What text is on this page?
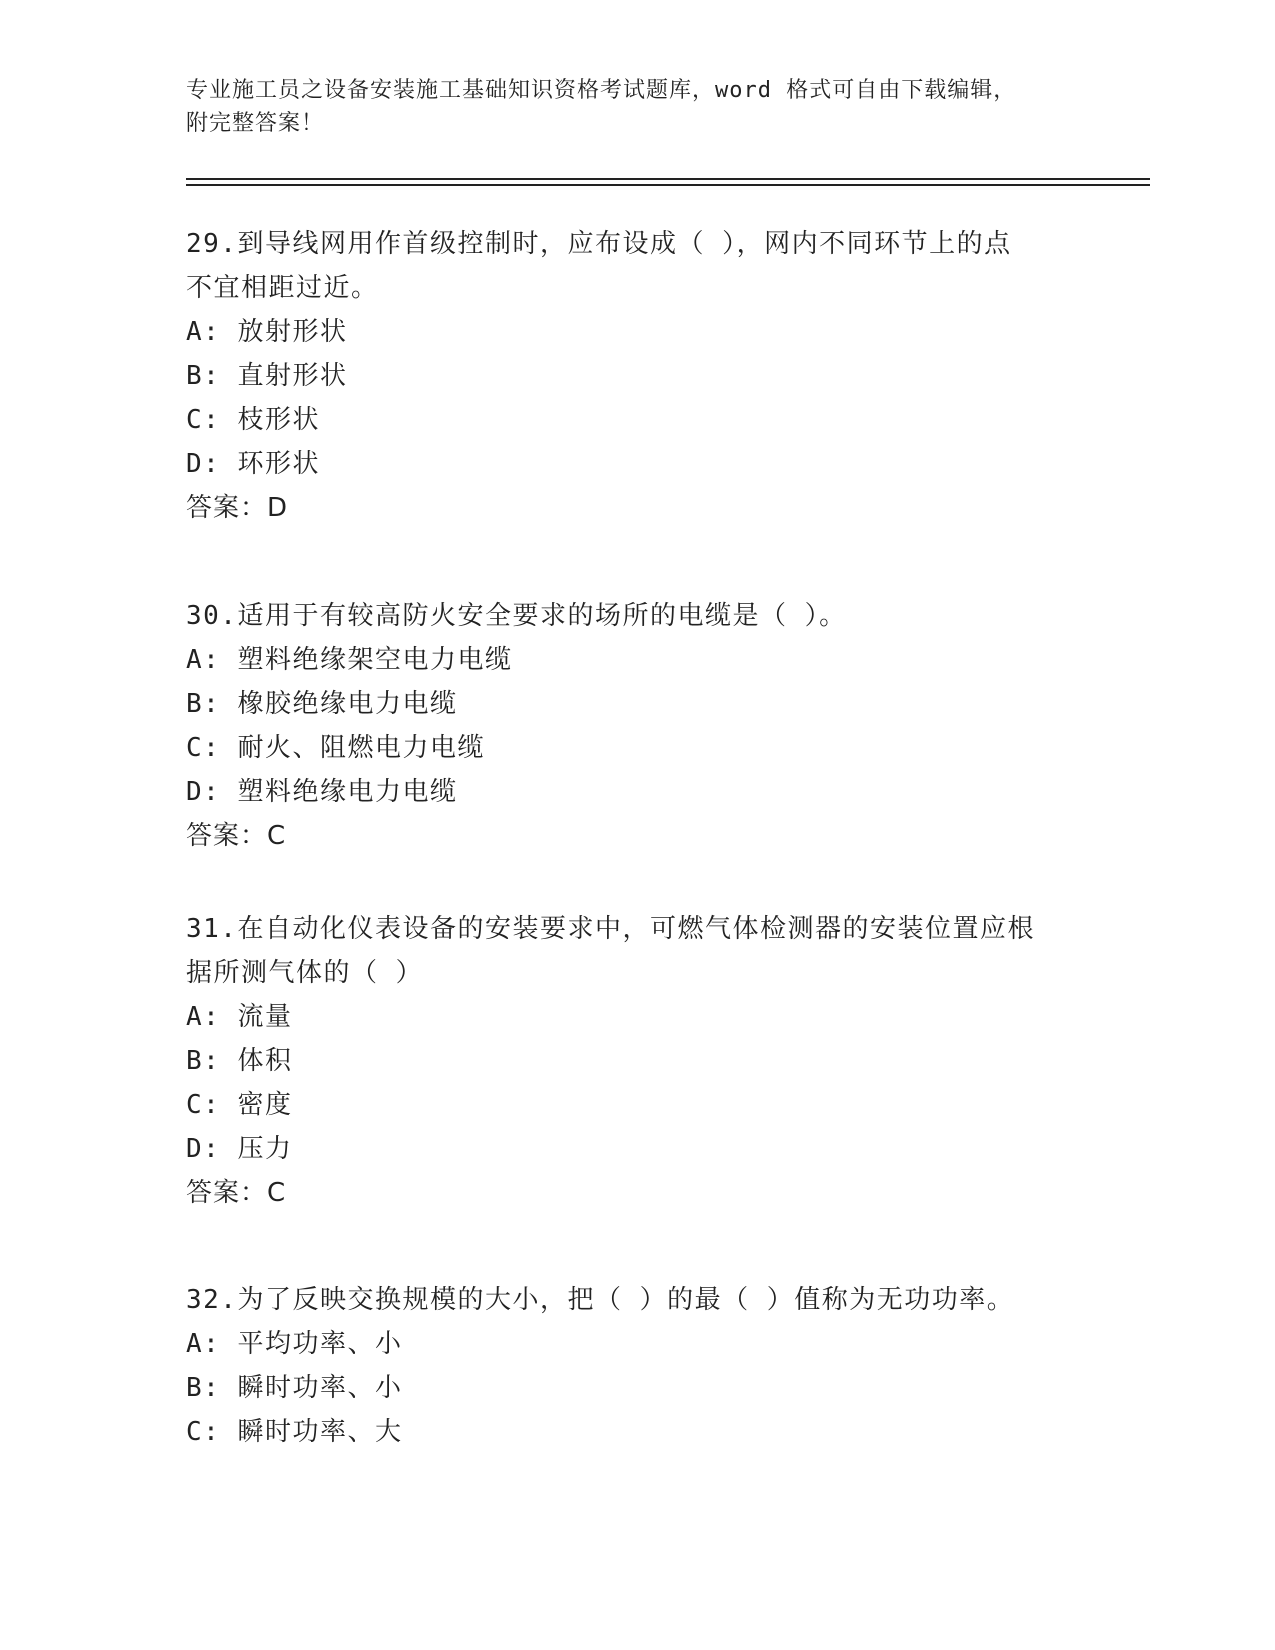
专业施工员之设备安装施工基础知识资格考试题库，word 格式可自由下载编辑，
附完整答案！
29.到导线网用作首级控制时，应布设成（ ），网内不同环节上的点
不宜相距过近。
A: 放射形状
B: 直射形状
C: 枝形状
D: 环形状
答案：D
30.适用于有较高防火安全要求的场所的电缆是（ ）。
A: 塑料绝缘架空电力电缆
B: 橡胶绝缘电力电缆
C: 耐火、阻燃电力电缆
D: 塑料绝缘电力电缆
答案：C
31.在自动化仪表设备的安装要求中，可燃气体检测器的安装位置应根
据所测气体的（ ）
A: 流量
B: 体积
C: 密度
D: 压力
答案：C
32.为了反映交换规模的大小，把（ ）的最（ ）值称为无功功率。
A: 平均功率、小
B: 瞬时功率、小
C: 瞬时功率、大
